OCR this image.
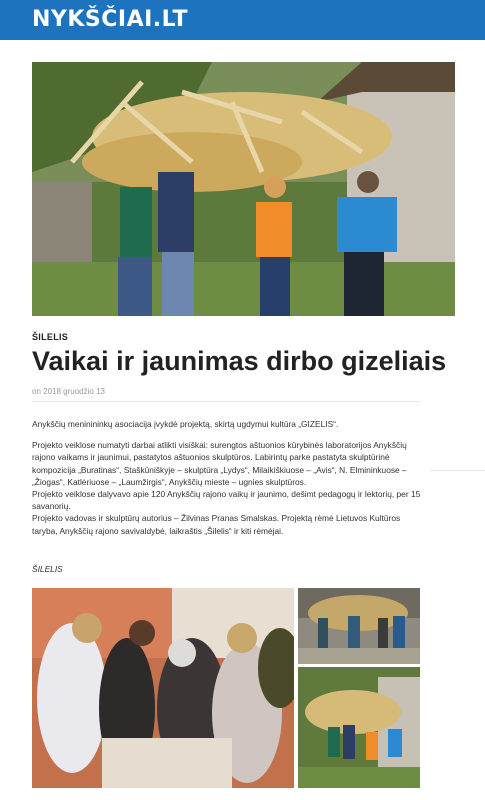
NYKŠČIAI.LT
ŠILELIS
Vaikai ir jaunimas dirbo gizeliais
on 2018 gruodžio 13

Anykščių meninininkų asociacija įvykdė projektą, skirtą ugdymui kultūra „GIZELIS“.

Projekto veiklose numatyti darbai atlikti visiškai: surengtos aštuonios kūrybinės laboratorijos Anykščių rajono vaikams ir jaunimui, pastatytos aštuonios skulptūros. Labirintų parke pastatyta skulptūrinė kompozicija „Buratinas“, Staškūniškyje – skulptūra „Lydys“, Milaikiškiuose – „Avis“, N. Elmininkuose – „Žiogas“, Katlėriuose – „Laumžirgis“, Anykščių mieste – ugnies skulptūros.

Projekto veiklose dalyvavo apie 120 Anykščių rajono vaikų ir jaunimo, dešimt pedagogų ir lektorių, per 15 savanorių.

Projekto vadovas ir skulptūrų autorius – Žilvinas Pranas Smalskas. Projektą rėmė Lietuvos Kultūros taryba, Anykščių rajono savivaldybė, laikraštis „Šilelis“ ir kiti rėmėjai.

ŠILELIS
